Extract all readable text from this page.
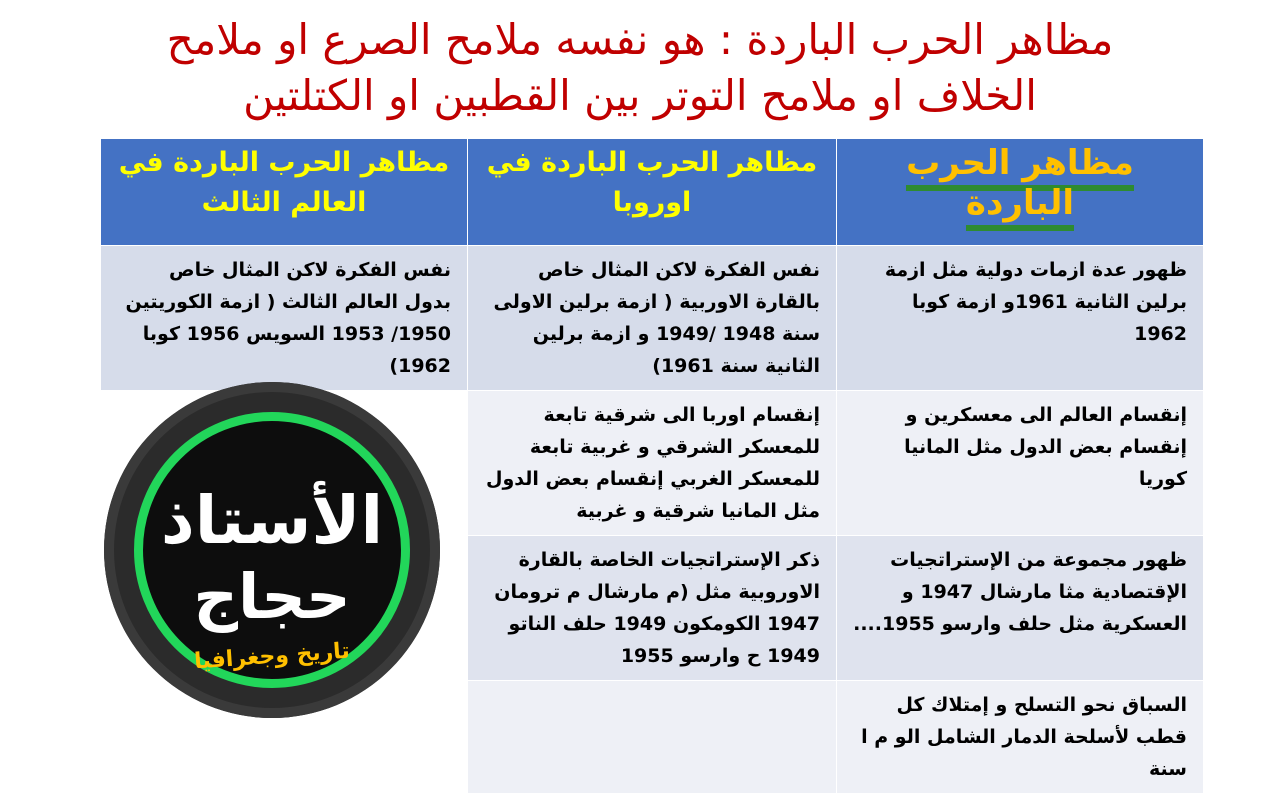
مظاهر الحرب الباردة : هو نفسه ملامح الصرع او ملامح
الخلاف او ملامح التوتر بين القطبين او الكتلتين
مظاهر الحرب الباردة	مظاهر الحرب الباردة في اوروبا	مظاهر الحرب الباردة في العالم الثالث
ظهور عدة ازمات دولية مثل ازمة برلين الثانية 1961و ازمة كوبا 1962	نفس الفكرة لاكن المثال خاص بالقارة الاوربية ( ازمة برلين الاولى سنة 1948 /1949 و ازمة برلين الثانية سنة 1961)	نفس الفكرة لاكن المثال خاص بدول العالم الثالث ( ازمة الكوريتين 1950/ 1953 السويس 1956 كوبا 1962)
إنقسام العالم الى معسكرين و إنقسام بعض الدول مثل المانيا كوريا	إنقسام اوربا الى شرقية تابعة للمعسكر الشرقي و غربية تابعة للمعسكر الغربي إنقسام بعض الدول مثل المانيا شرقية و غربية	
ظهور مجموعة من الإستراتجيات الإقتصادية مثا مارشال 1947 و العسكرية مثل حلف وارسو 1955....	ذكر الإستراتجيات الخاصة بالقارة الاوروبية مثل (م مارشال م ترومان 1947 الكومكون 1949 حلف الناتو 1949 ح وارسو 1955	
السباق نحو التسلح و إمتلاك كل قطب لأسلحة الدمار الشامل الو م ا سنة		
الأستاذ
حجاج
تاريخ وجغرافيا
